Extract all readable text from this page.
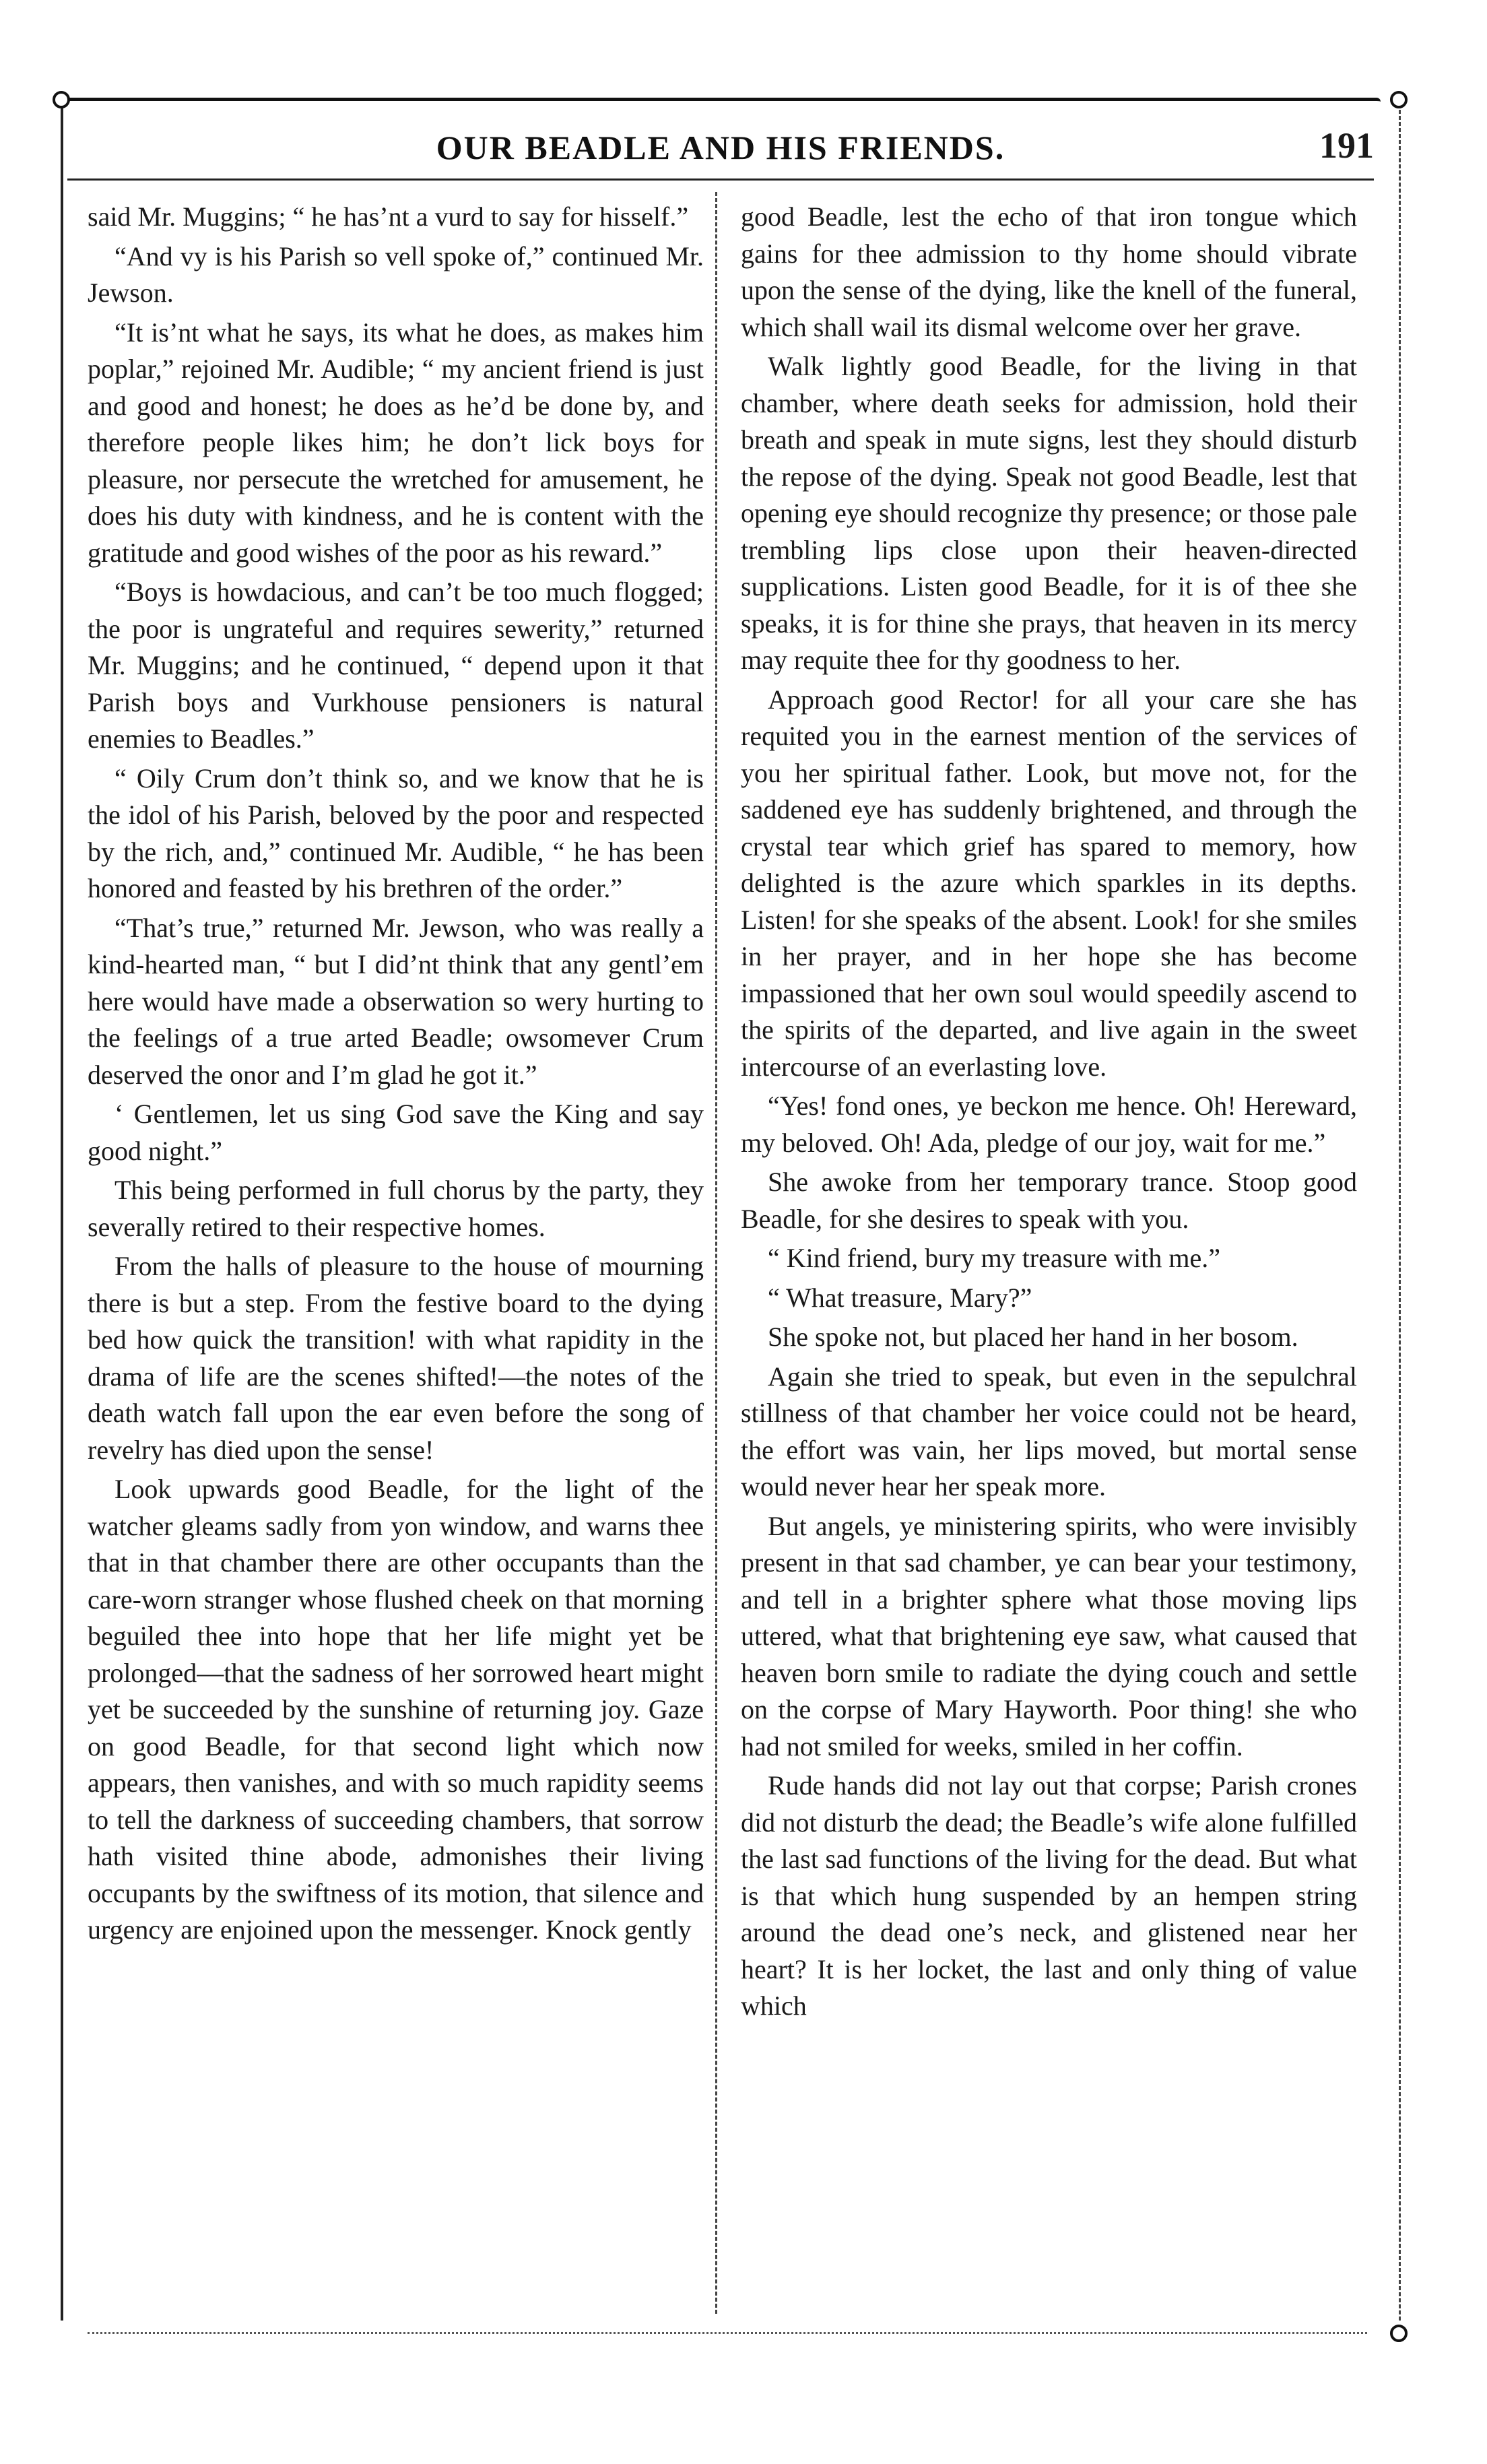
OUR BEADLE AND HIS FRIENDS.	191

said Mr. Muggins; “ he has’nt a vurd to say for hisself.”

“And vy is his Parish so vell spoke of,” continued Mr. Jewson.

“It is’nt what he says, its what he does, as makes him poplar,” rejoined Mr. Audible; “ my ancient friend is just and good and honest; he does as he’d be done by, and therefore people likes him; he don’t lick boys for pleasure, nor persecute the wretched for amusement, he does his duty with kindness, and he is content with the gratitude and good wishes of the poor as his reward.”

“Boys is howdacious, and can’t be too much flogged; the poor is ungrateful and requires sewerity,” returned Mr. Muggins; and he continued, “ depend upon it that Parish boys and Vurkhouse pensioners is natural enemies to Beadles.”

“ Oily Crum don’t think so, and we know that he is the idol of his Parish, beloved by the poor and respected by the rich, and,” continued Mr. Audible, “ he has been honored and feasted by his brethren of the order.”

“That’s true,” returned Mr. Jewson, who was really a kind-hearted man, “ but I did’nt think that any gentl’em here would have made a obserwation so wery hurting to the feelings of a true arted Beadle; owsomever Crum deserved the onor and I’m glad he got it.”

‘ Gentlemen, let us sing God save the King and say good night.”

This being performed in full chorus by the party, they severally retired to their respective homes.

From the halls of pleasure to the house of mourning there is but a step. From the festive board to the dying bed how quick the transition! with what rapidity in the drama of life are the scenes shifted!—the notes of the death watch fall upon the ear even before the song of revelry has died upon the sense!

Look upwards good Beadle, for the light of the watcher gleams sadly from yon window, and warns thee that in that chamber there are other occupants than the care-worn stranger whose flushed cheek on that morning beguiled thee into hope that her life might yet be prolonged—that the sadness of her sorrowed heart might yet be succeeded by the sunshine of returning joy. Gaze on good Beadle, for that second light which now appears, then vanishes, and with so much rapidity seems to tell the darkness of succeeding chambers, that sorrow hath visited thine abode, admonishes their living occupants by the swiftness of its motion, that silence and urgency are enjoined upon the messenger. Knock gently

good Beadle, lest the echo of that iron tongue which gains for thee admission to thy home should vibrate upon the sense of the dying, like the knell of the funeral, which shall wail its dismal welcome over her grave.

Walk lightly good Beadle, for the living in that chamber, where death seeks for admission, hold their breath and speak in mute signs, lest they should disturb the repose of the dying. Speak not good Beadle, lest that opening eye should recognize thy presence; or those pale trembling lips close upon their heaven-directed supplications. Listen good Beadle, for it is of thee she speaks, it is for thine she prays, that heaven in its mercy may requite thee for thy goodness to her.

Approach good Rector! for all your care she has requited you in the earnest mention of the services of you her spiritual father. Look, but move not, for the saddened eye has suddenly brightened, and through the crystal tear which grief has spared to memory, how delighted is the azure which sparkles in its depths. Listen! for she speaks of the absent. Look! for she smiles in her prayer, and in her hope she has become impassioned that her own soul would speedily ascend to the spirits of the departed, and live again in the sweet intercourse of an everlasting love.

“Yes! fond ones, ye beckon me hence. Oh! Hereward, my beloved. Oh! Ada, pledge of our joy, wait for me.”

She awoke from her temporary trance. Stoop good Beadle, for she desires to speak with you.

“ Kind friend, bury my treasure with me.”

“ What treasure, Mary?”

She spoke not, but placed her hand in her bosom.

Again she tried to speak, but even in the sepulchral stillness of that chamber her voice could not be heard, the effort was vain, her lips moved, but mortal sense would never hear her speak more.

But angels, ye ministering spirits, who were invisibly present in that sad chamber, ye can bear your testimony, and tell in a brighter sphere what those moving lips uttered, what that brightening eye saw, what caused that heaven born smile to radiate the dying couch and settle on the corpse of Mary Hayworth. Poor thing! she who had not smiled for weeks, smiled in her coffin.

Rude hands did not lay out that corpse; Parish crones did not disturb the dead; the Beadle’s wife alone fulfilled the last sad functions of the living for the dead. But what is that which hung suspended by an hempen string around the dead one’s neck, and glistened near her heart? It is her locket, the last and only thing of value which
